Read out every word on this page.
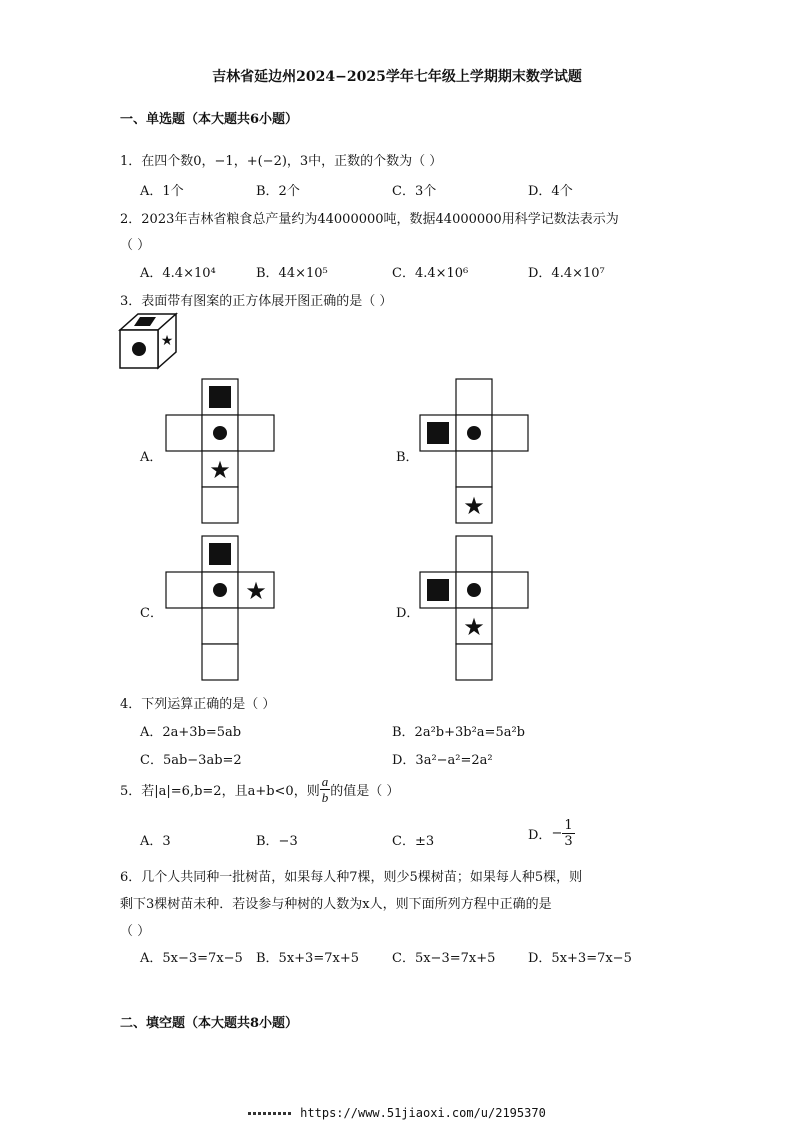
吉林省延边州2024−2025学年七年级上学期期末数学试题
一、单选题（本大题共6小题）
1．在四个数0，−1，+(−2)，3中，正数的个数为（ ）
A．1个	B．2个	C．3个	D．4个
2．2023年吉林省粮食总产量约为44000000吨，数据44000000用科学记数法表示为
（ ）
A．4.4×10⁴	B．44×10⁵	C．4.4×10⁶	D．4.4×10⁷
3．表面带有图案的正方体展开图正确的是（ ）
★
A． ★	B．
★
C．
★
D． ★
4．下列运算正确的是（ ）
A．2a+3b=5ab	B．2a²b+3b²a=5a²b
C．5ab−3ab=2	D．3a²−a²=2a²
5．若|a|=6,b=2，且a+b<0，则 $\frac{a}{b}$ 的值是（ ）
A．3	B．−3	C．±3	D． − $\frac{1}{3}$
6．几个人共同种一批树苗，如果每人种7棵，则少5棵树苗；如果每人种5棵，则
剩下3棵树苗未种．若设参与种树的人数为x人，则下面所列方程中正确的是
（ ）
A．5x−3=7x−5 B．5x+3=7x+5	C．5x−3=7x+5	D．5x+3=7x−5
二、填空题（本大题共8小题）
https://www.51jiaoxi.com/u/2195370
